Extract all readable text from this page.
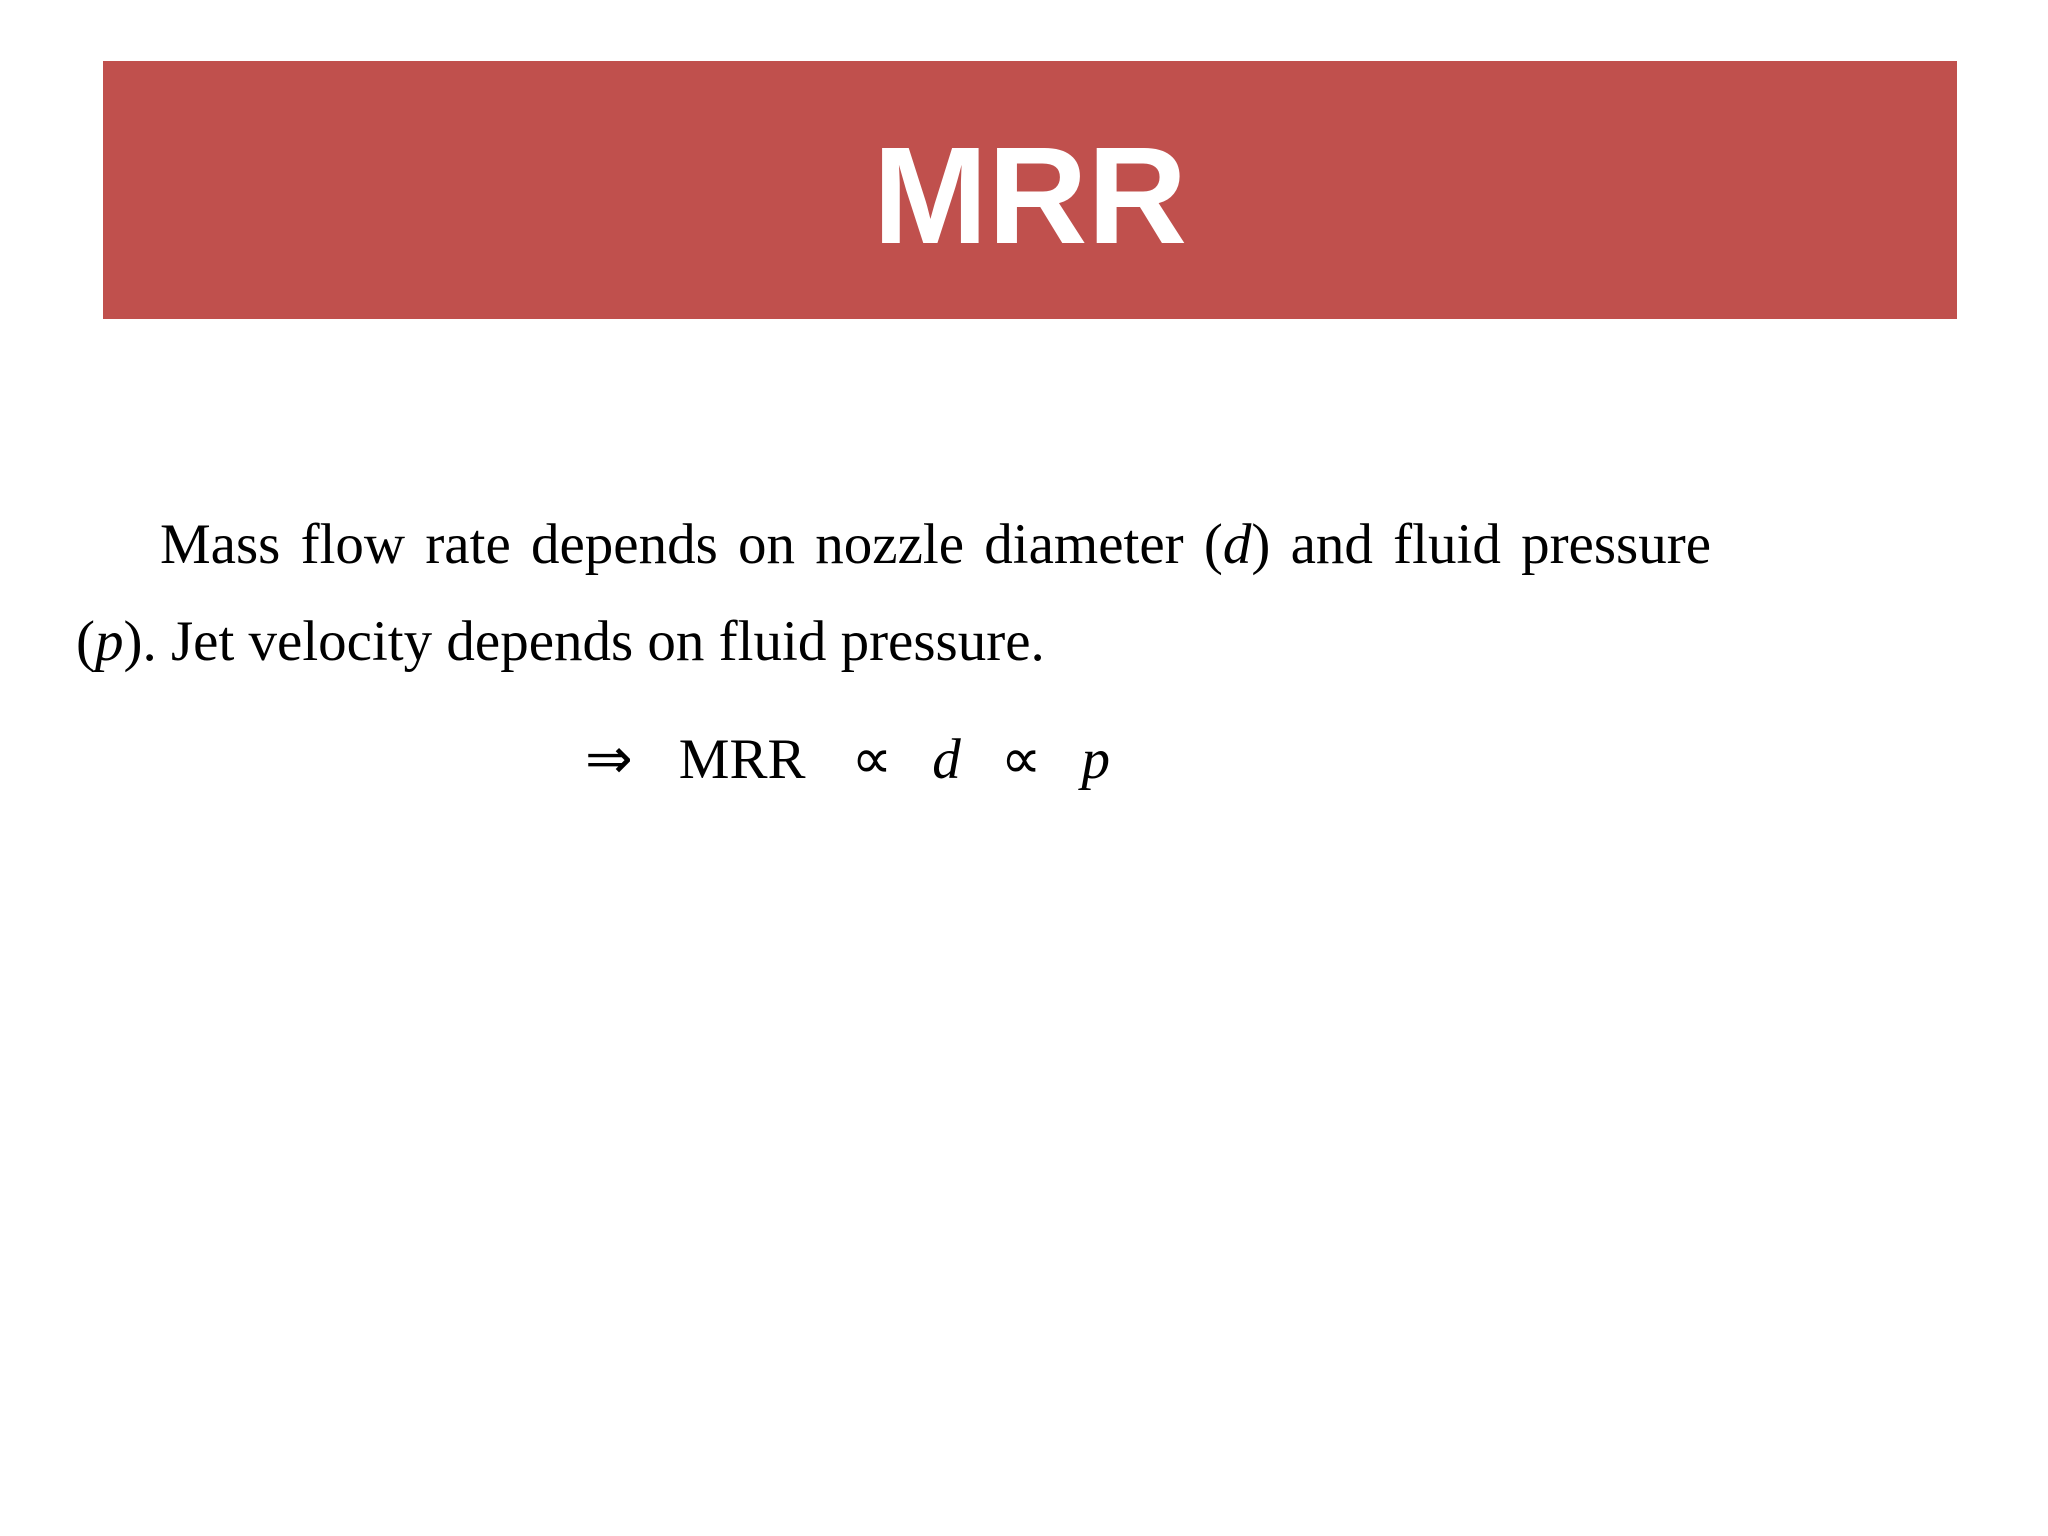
MRR
Mass flow rate depends on nozzle diameter (d) and fluid pressure
(p). Jet velocity depends on fluid pressure.
⇒ MRR ∝ d ∝ p
